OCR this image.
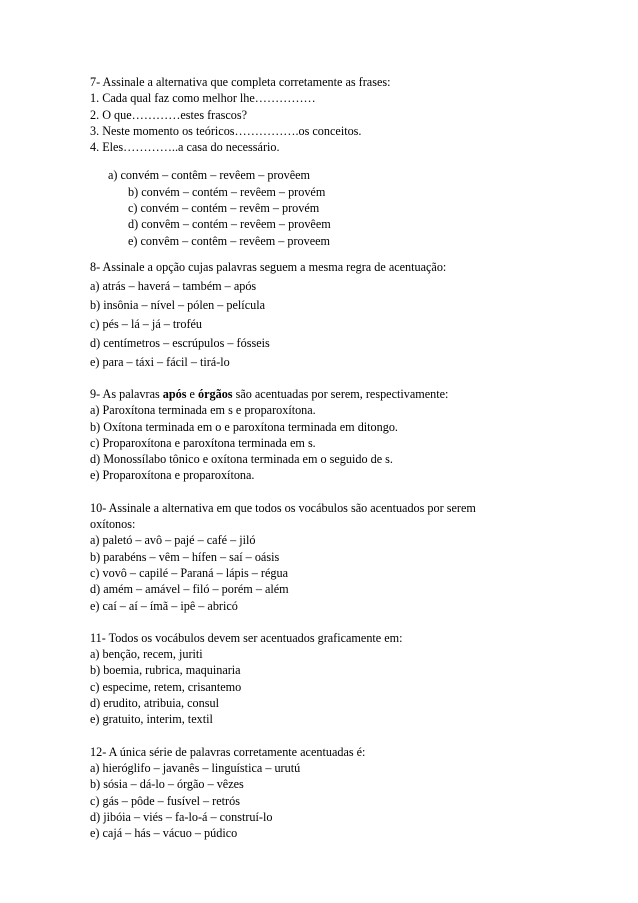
7- Assinale a alternativa que completa corretamente as frases:
1. Cada qual faz como melhor lhe……………
2. O que…………estes frascos?
3. Neste momento os teóricos…………….os conceitos.
4. Eles…………..a casa do necessário.
a) convém – contêm – revêem – provêem
b) convém – contém – revêem – provém
c) convém – contém – revêm – provém
d) convêm – contém – revêem – provêem
e) convêm – contêm – revêem – proveem
8- Assinale a opção cujas palavras seguem a mesma regra de acentuação:
a) atrás – haverá – também – após
b) insônia – nível – pólen – película
c) pés – lá – já – troféu
d) centímetros – escrúpulos – fósseis
e) para – táxi – fácil – tirá-lo
9- As palavras após e órgãos são acentuadas por serem, respectivamente:
a) Paroxítona terminada em s e proparoxítona.
b) Oxítona terminada em o e paroxítona terminada em ditongo.
c) Proparoxítona e paroxítona terminada em s.
d) Monossílabo tônico e oxítona terminada em o seguido de s.
e) Proparoxítona e proparoxítona.
10- Assinale a alternativa em que todos os vocábulos são acentuados por serem oxítonos:
a) paletó – avô – pajé – café – jiló
b) parabéns – vêm – hífen – saí – oásis
c) vovô – capilé – Paraná – lápis – régua
d) amém – amável – filó – porém – além
e) caí – aí – ímã – ipê – abricó
11- Todos os vocábulos devem ser acentuados graficamente em:
a) benção, recem, juriti
b) boemia, rubrica, maquinaria
c) especime, retem, crisantemo
d) erudito, atribuia, consul
e) gratuito, interim, textil
12- A única série de palavras corretamente acentuadas é:
a) hieróglifo – javanês – linguística – urutú
b) sósia – dá-lo – órgão – vêzes
c) gás – pôde – fusível – retrós
d) jibóia – viés – fa-lo-á – construí-lo
e) cajá – hás – vácuo – púdico
